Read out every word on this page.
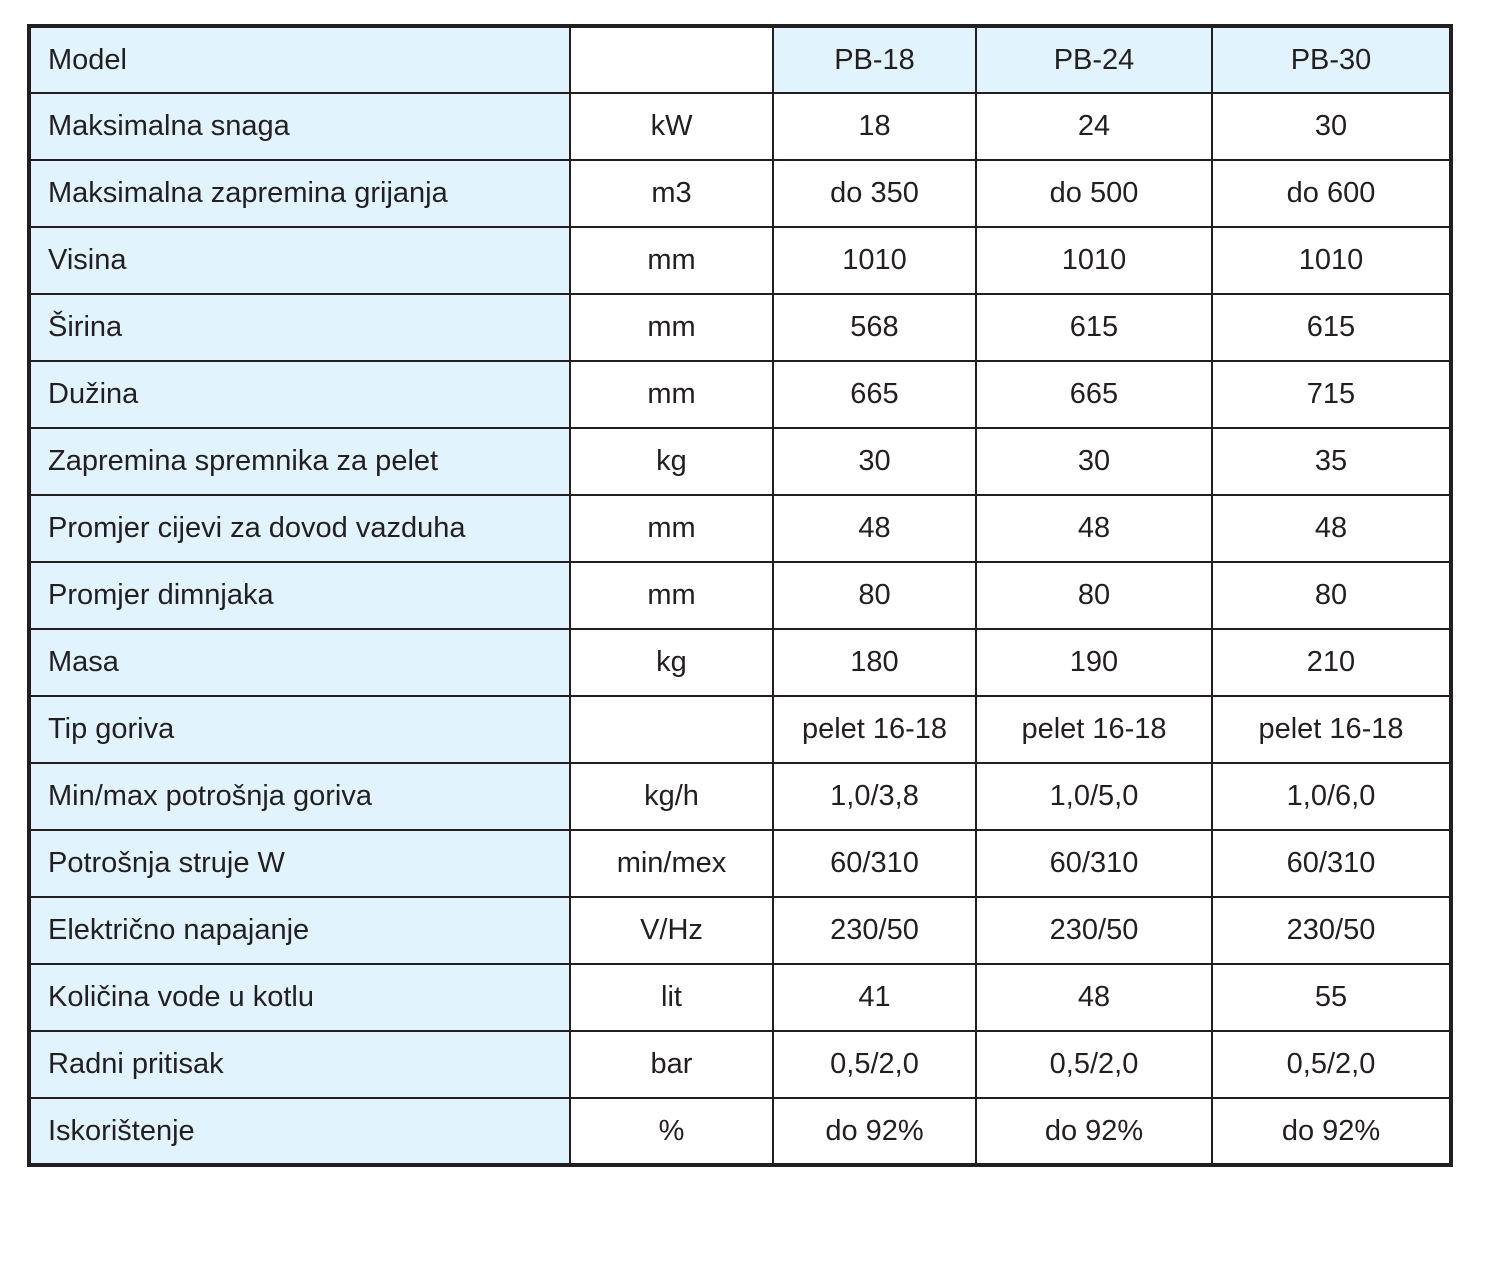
Model		PB-18	PB-24	PB-30
Maksimalna snaga	kW	18	24	30
Maksimalna zapremina grijanja	m3	do 350	do 500	do 600
Visina	mm	1010	1010	1010
Širina	mm	568	615	615
Dužina	mm	665	665	715
Zapremina spremnika za pelet	kg	30	30	35
Promjer cijevi za dovod vazduha	mm	48	48	48
Promjer dimnjaka	mm	80	80	80
Masa	kg	180	190	210
Tip goriva		pelet 16-18	pelet 16-18	pelet 16-18
Min/max potrošnja goriva	kg/h	1,0/3,8	1,0/5,0	1,0/6,0
Potrošnja struje W	min/mex	60/310	60/310	60/310
Električno napajanje	V/Hz	230/50	230/50	230/50
Količina vode u kotlu	lit	41	48	55
Radni pritisak	bar	0,5/2,0	0,5/2,0	0,5/2,0
Iskorištenje	%	do 92%	do 92%	do 92%
